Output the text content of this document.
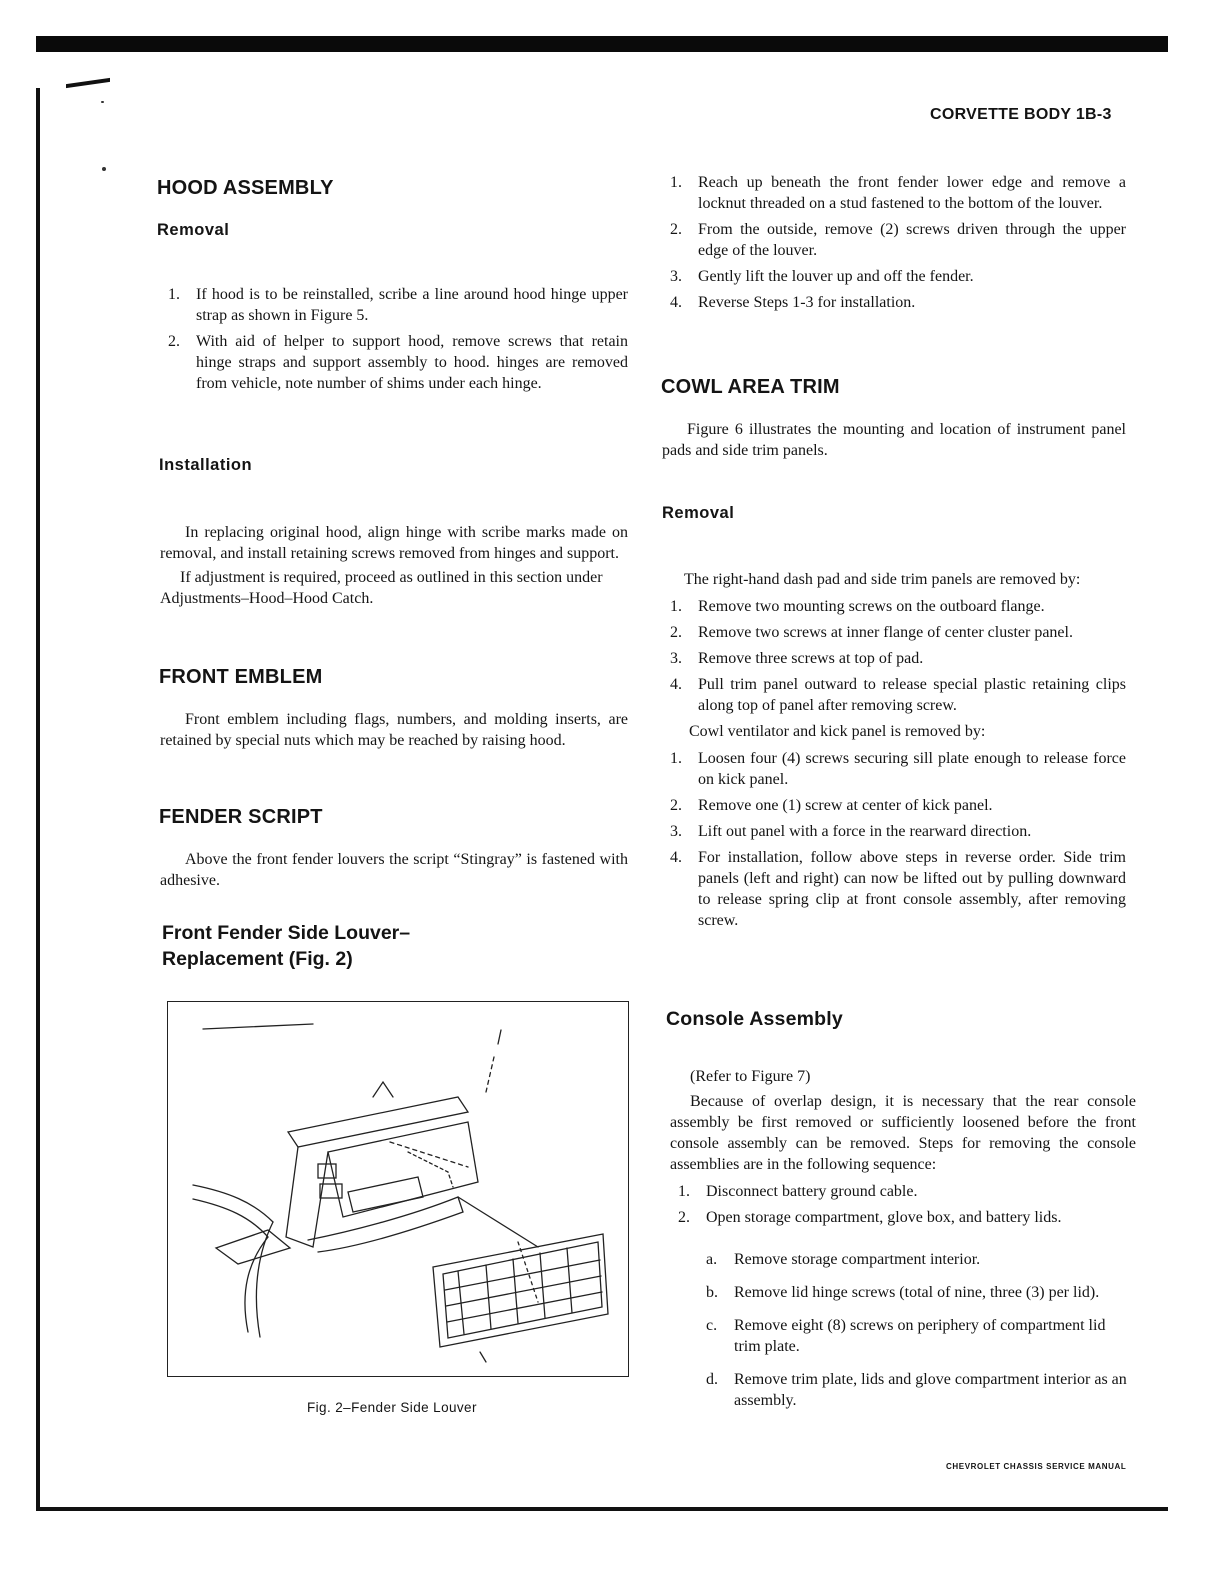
CORVETTE BODY 1B-3
HOOD ASSEMBLY
Removal
1. If hood is to be reinstalled, scribe a line around hood hinge upper strap as shown in Figure 5.
2. With aid of helper to support hood, remove screws that retain hinge straps and support assembly to hood. hinges are removed from vehicle, note number of shims under each hinge.
Installation

In replacing original hood, align hinge with scribe marks made on removal, and install retaining screws removed from hinges and support.

If adjustment is required, proceed as outlined in this section under Adjustments–Hood–Hood Catch.

FRONT EMBLEM

Front emblem including flags, numbers, and molding inserts, are retained by special nuts which may be reached by raising hood.

FENDER SCRIPT

Above the front fender louvers the script “Stingray” is fastened with adhesive.

Front Fender Side Louver–
Replacement (Fig. 2)
Fig. 2–Fender Side Louver
1. Reach up beneath the front fender lower edge and remove a locknut threaded on a stud fastened to the bottom of the louver.
2. From the outside, remove (2) screws driven through the upper edge of the louver.
3. Gently lift the louver up and off the fender.
4. Reverse Steps 1-3 for installation.
COWL AREA TRIM

Figure 6 illustrates the mounting and location of instrument panel pads and side trim panels.

Removal

The right-hand dash pad and side trim panels are removed by:

1. Remove two mounting screws on the outboard flange.
2. Remove two screws at inner flange of center cluster panel.
3. Remove three screws at top of pad.
4. Pull trim panel outward to release special plastic retaining clips along top of panel after removing screw.

Cowl ventilator and kick panel is removed by:

1. Loosen four (4) screws securing sill plate enough to release force on kick panel.
2. Remove one (1) screw at center of kick panel.
3. Lift out panel with a force in the rearward direction.
4. For installation, follow above steps in reverse order. Side trim panels (left and right) can now be lifted out by pulling downward to release spring clip at front console assembly, after removing screw.
Console Assembly

(Refer to Figure 7)

Because of overlap design, it is necessary that the rear console assembly be first removed or sufficiently loosened before the front console assembly can be removed. Steps for removing the console assemblies are in the following sequence:

1. Disconnect battery ground cable.
2. Open storage compartment, glove box, and battery lids.
a. Remove storage compartment interior.
b. Remove lid hinge screws (total of nine, three (3) per lid).
c. Remove eight (8) screws on periphery of compartment lid trim plate.
d. Remove trim plate, lids and glove compartment interior as an assembly.
CHEVROLET CHASSIS SERVICE MANUAL
